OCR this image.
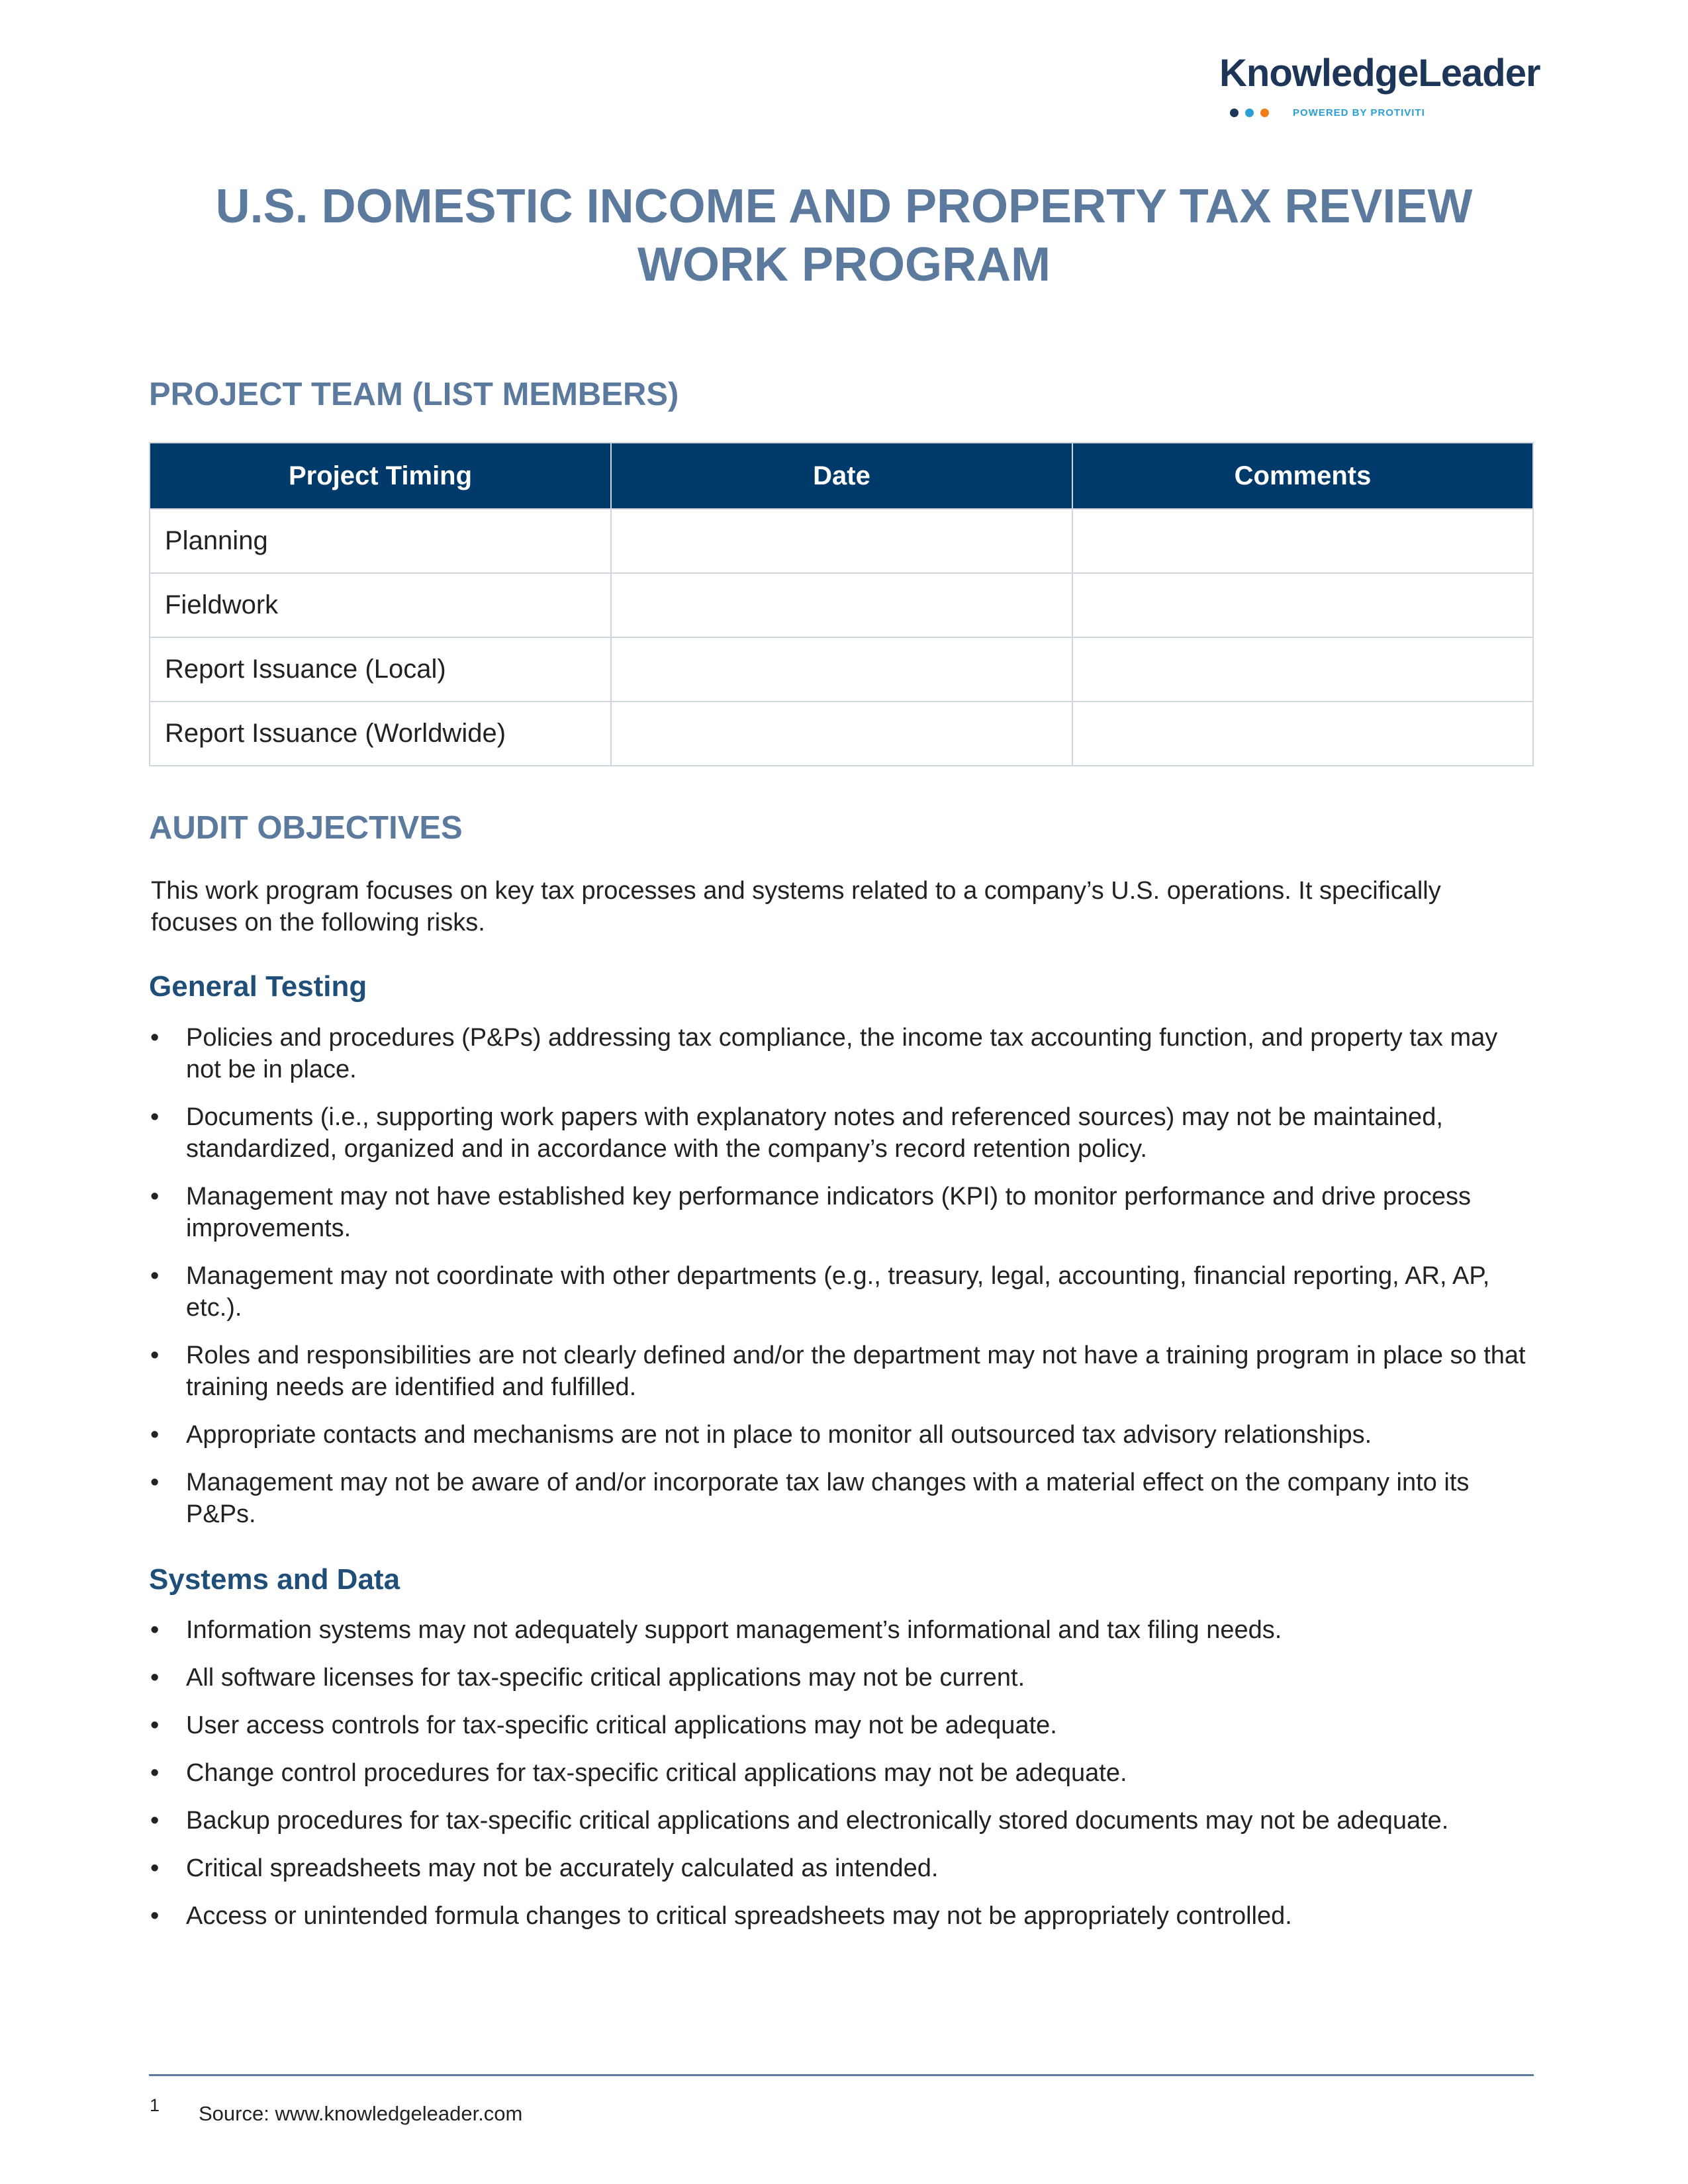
KnowledgeLeader
POWERED BY PROTIVITI
U.S. DOMESTIC INCOME AND PROPERTY TAX REVIEW
WORK PROGRAM
PROJECT TEAM (LIST MEMBERS)
Project Timing	Date	Comments
Planning		
Fieldwork		
Report Issuance (Local)		
Report Issuance (Worldwide)		
AUDIT OBJECTIVES

This work program focuses on key tax processes and systems related to a company’s U.S. operations. It specifically focuses on the following risks.

General Testing
• Policies and procedures (P&Ps) addressing tax compliance, the income tax accounting function, and property tax may not be in place.
• Documents (i.e., supporting work papers with explanatory notes and referenced sources) may not be maintained, standardized, organized and in accordance with the company’s record retention policy.
• Management may not have established key performance indicators (KPI) to monitor performance and drive process improvements.
• Management may not coordinate with other departments (e.g., treasury, legal, accounting, financial reporting, AR, AP, etc.).
• Roles and responsibilities are not clearly defined and/or the department may not have a training program in place so that training needs are identified and fulfilled.
• Appropriate contacts and mechanisms are not in place to monitor all outsourced tax advisory relationships.
• Management may not be aware of and/or incorporate tax law changes with a material effect on the company into its P&Ps.
Systems and Data
• Information systems may not adequately support management’s informational and tax filing needs.
• All software licenses for tax-specific critical applications may not be current.
• User access controls for tax-specific critical applications may not be adequate.
• Change control procedures for tax-specific critical applications may not be adequate.
• Backup procedures for tax-specific critical applications and electronically stored documents may not be adequate.
• Critical spreadsheets may not be accurately calculated as intended.
• Access or unintended formula changes to critical spreadsheets may not be appropriately controlled.
1 Source: www.knowledgeleader.com
